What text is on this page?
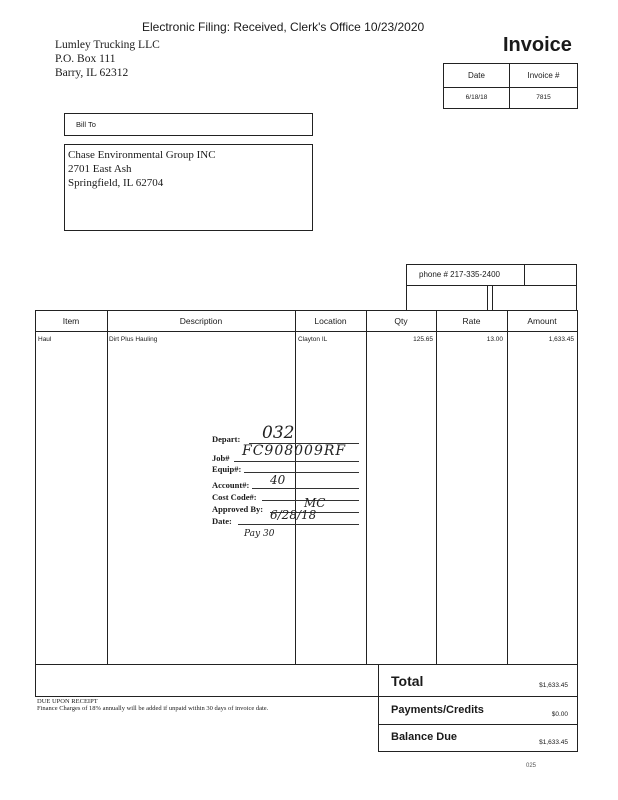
Electronic Filing: Received, Clerk's Office 10/23/2020
Lumley Trucking LLC
P.O. Box 111
Barry, IL 62312
Invoice
Date	Invoice #
6/18/18	7815
Bill To
Chase Environmental Group INC
2701 East Ash
Springfield, IL 62704
phone # 217-335-2400
Item	Description	Location	Qty	Rate	Amount
Haul	Dirt Plus Hauling	Clayton IL	125.65	13.00	1,633.45
Depart: 032
Job# FC908009RF
Equip#:
Account#: 40
Cost Code#:
Approved By:	MC
Date:	6/28/18
Pay 30
DUE UPON RECEIPT
Finance Charges of 18% annually will be added if unpaid within 30 days of invoice date.
Total	$1,633.45
Payments/Credits	$0.00
Balance Due	$1,633.45
025
